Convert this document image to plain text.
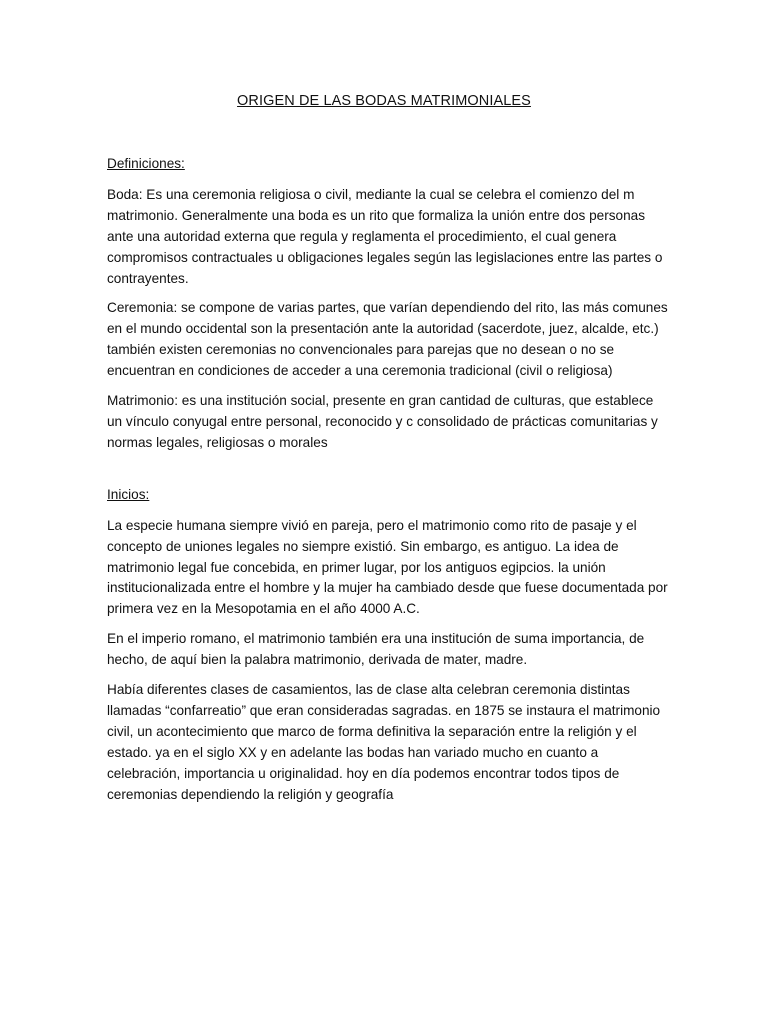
ORIGEN DE LAS BODAS MATRIMONIALES

Definiciones:

Boda: Es una ceremonia religiosa o civil, mediante la cual se celebra el comienzo del m matrimonio. Generalmente una boda es un rito que formaliza la unión entre dos personas ante una autoridad externa que regula y reglamenta el procedimiento, el cual genera compromisos contractuales u obligaciones legales según las legislaciones entre las partes o contrayentes.

Ceremonia: se compone de varias partes, que varían dependiendo del rito, las más comunes en el mundo occidental son la presentación ante la autoridad (sacerdote, juez, alcalde, etc.) también existen ceremonias no convencionales para parejas que no desean o no se encuentran en condiciones de acceder a una ceremonia tradicional (civil o religiosa)

Matrimonio: es una institución social, presente en gran cantidad de culturas, que establece un vínculo conyugal entre personal, reconocido y c consolidado de prácticas comunitarias y normas legales, religiosas o morales

Inicios:

La especie humana siempre vivió en pareja, pero el matrimonio como rito de pasaje y el concepto de uniones legales no siempre existió. Sin embargo, es antiguo. La idea de matrimonio legal fue concebida, en primer lugar, por los antiguos egipcios. la unión institucionalizada entre el hombre y la mujer ha cambiado desde que fuese documentada por primera vez en la Mesopotamia en el año 4000 A.C.

En el imperio romano, el matrimonio también era una institución de suma importancia, de hecho, de aquí bien la palabra matrimonio, derivada de mater, madre.

Había diferentes clases de casamientos, las de clase alta celebran ceremonia distintas llamadas “confarreatio” que eran consideradas sagradas. en 1875 se instaura el matrimonio civil, un acontecimiento que marco de forma definitiva la separación entre la religión y el estado. ya en el siglo XX y en adelante las bodas han variado mucho en cuanto a celebración, importancia u originalidad. hoy en día podemos encontrar todos tipos de ceremonias dependiendo la religión y geografía
